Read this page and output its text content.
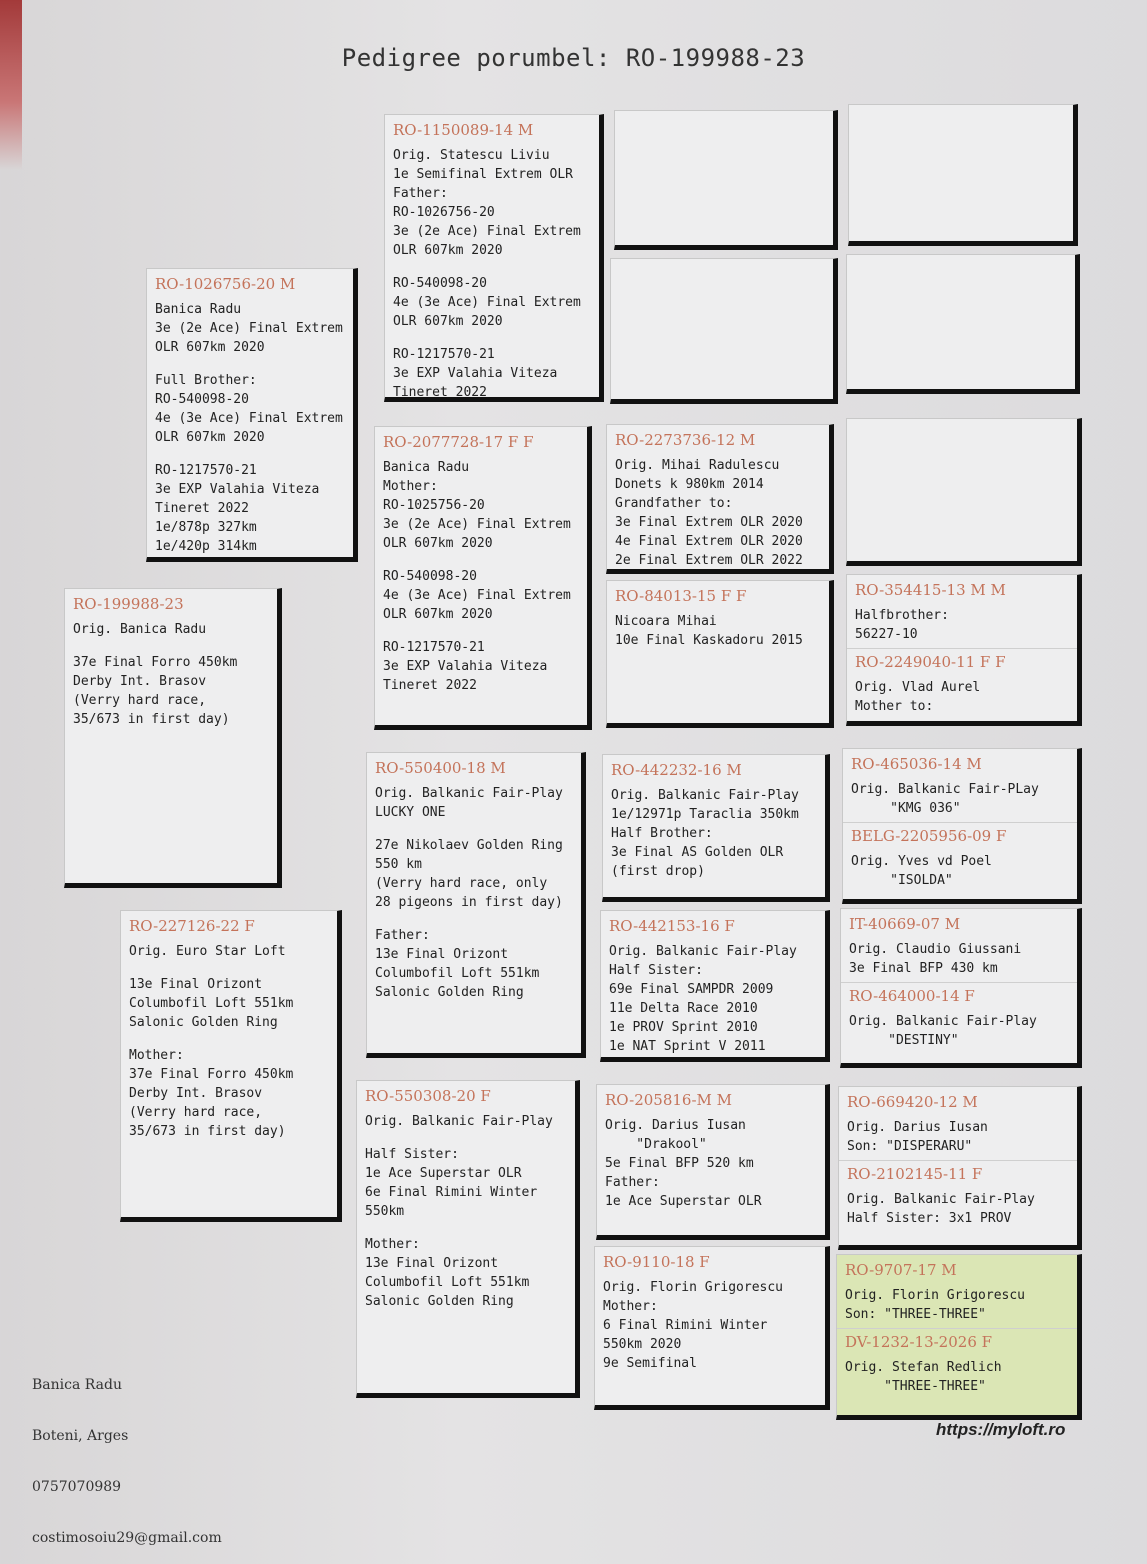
Pedigree porumbel: RO-199988-23
RO-199988-23
Orig. Banica Radu
37e Final Forro 450km
Derby Int. Brasov
(Verry hard race,
35/673 in first day)
RO-1026756-20 M
Banica Radu
3e (2e Ace) Final Extrem
OLR 607km 2020
Full Brother:
RO-540098-20
4e (3e Ace) Final Extrem
OLR 607km 2020
RO-1217570-21
3e EXP Valahia Viteza
Tineret 2022
1e/878p 327km
1e/420p 314km
RO-227126-22 F
Orig. Euro Star Loft
13e Final Orizont
Columbofil Loft 551km
Salonic Golden Ring
Mother:
37e Final Forro 450km
Derby Int. Brasov
(Verry hard race,
35/673 in first day)
RO-1150089-14 M
Orig. Statescu Liviu
1e Semifinal Extrem OLR
Father:
RO-1026756-20
3e (2e Ace) Final Extrem
OLR 607km 2020
RO-540098-20
4e (3e Ace) Final Extrem
OLR 607km 2020
RO-1217570-21
3e EXP Valahia Viteza
Tineret 2022
RO-2077728-17 F F
Banica Radu
Mother:
RO-1025756-20
3e (2e Ace) Final Extrem
OLR 607km 2020
RO-540098-20
4e (3e Ace) Final Extrem
OLR 607km 2020
RO-1217570-21
3e EXP Valahia Viteza
Tineret 2022
RO-550400-18 M
Orig. Balkanic Fair-Play
LUCKY ONE
27e Nikolaev Golden Ring
550 km
(Verry hard race, only
28 pigeons in first day)
Father:
13e Final Orizont
Columbofil Loft 551km
Salonic Golden Ring
RO-550308-20 F
Orig. Balkanic Fair-Play
Half Sister:
1e Ace Superstar OLR
6e Final Rimini Winter
550km
Mother:
13e Final Orizont
Columbofil Loft 551km
Salonic Golden Ring
RO-2273736-12 M
Orig. Mihai Radulescu
Donets k 980km 2014
Grandfather to:
3e Final Extrem OLR 2020
4e Final Extrem OLR 2020
2e Final Extrem OLR 2022
RO-84013-15 F F
Nicoara Mihai
10e Final Kaskadoru 2015
RO-442232-16 M
Orig. Balkanic Fair-Play
1e/12971p Taraclia 350km
Half Brother:
3e Final AS Golden OLR
(first drop)
RO-442153-16 F
Orig. Balkanic Fair-Play
Half Sister:
69e Final SAMPDR 2009
11e Delta Race 2010
1e PROV Sprint 2010
1e NAT Sprint V 2011
RO-205816-M M
Orig. Darius Iusan
"Drakool"
5e Final BFP 520 km
Father:
1e Ace Superstar OLR
RO-9110-18 F
Orig. Florin Grigorescu
Mother:
6 Final Rimini Winter
550km 2020
9e Semifinal
RO-354415-13 M M
Halfbrother:
56227-10
RO-2249040-11 F F
Orig. Vlad Aurel
Mother to:
RO-465036-14 M
Orig. Balkanic Fair-PLay
"KMG 036"
BELG-2205956-09 F
Orig. Yves vd Poel
"ISOLDA"
IT-40669-07 M
Orig. Claudio Giussani
3e Final BFP 430 km
RO-464000-14 F
Orig. Balkanic Fair-Play
"DESTINY"
RO-669420-12 M
Orig. Darius Iusan
Son: "DISPERARU"
RO-2102145-11 F
Orig. Balkanic Fair-Play
Half Sister: 3x1 PROV
RO-9707-17 M
Orig. Florin Grigorescu
Son: "THREE-THREE"
DV-1232-13-2026 F
Orig. Stefan Redlich
"THREE-THREE"

Banica Radu

Boteni, Arges

0757070989

costimosoiu29@gmail.com

https://myloft.ro
